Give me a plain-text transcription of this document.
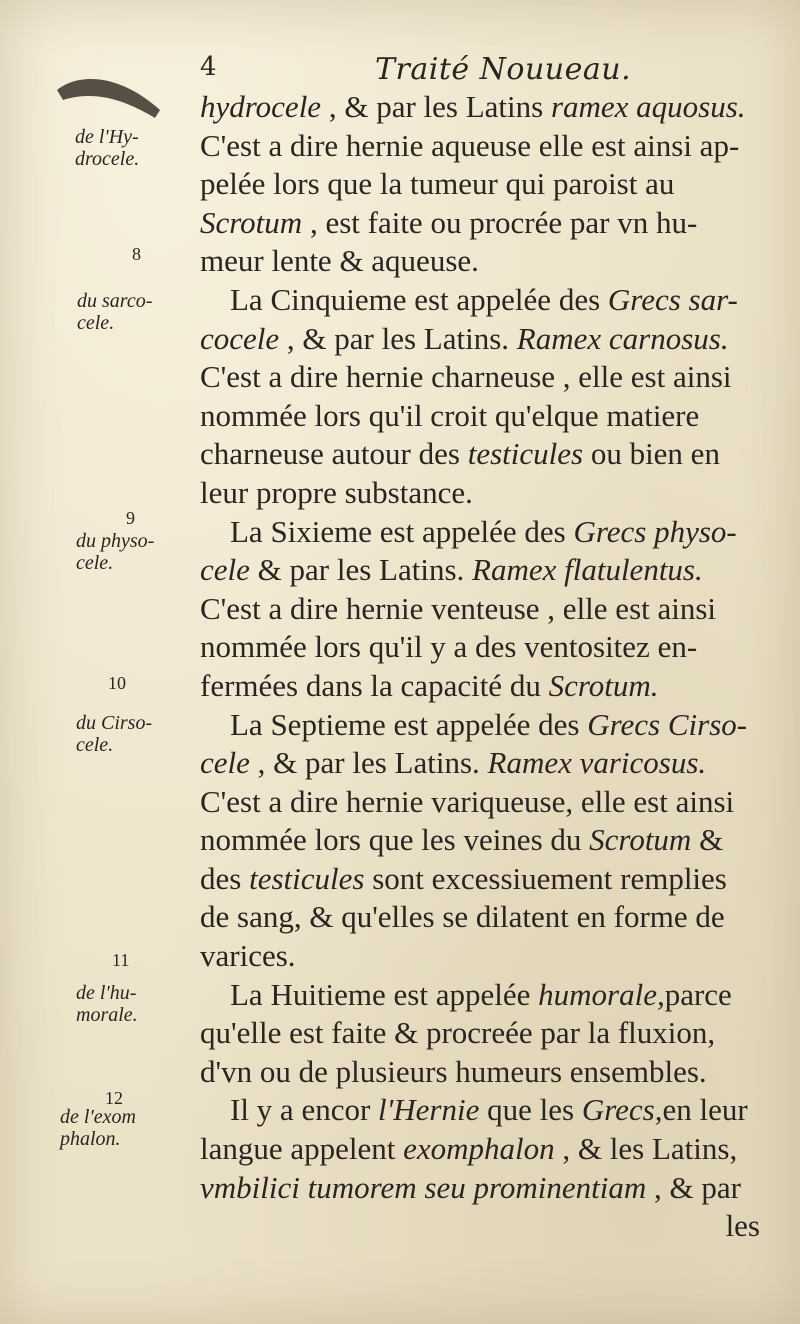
4	Traité Nouueau.
de l'Hy-
drocele.
8
du sarco-
cele.
9
du physo-
cele.
10
du Cirso-
cele.
11
de l'hu-
morale.
12
de l'exom
phalon.
hydrocele , & par les Latins ramex aquosus.
C'est a dire hernie aqueuse elle est ainsi ap-
pelée lors que la tumeur qui paroist au
Scrotum , est faite ou procrée par vn hu-
meur lente & aqueuse.
La Cinquieme est appelée des Grecs sar-
cocele , & par les Latins. Ramex carnosus.
C'est a dire hernie charneuse , elle est ainsi
nommée lors qu'il croit qu'elque matiere
charneuse autour des testicules ou bien en
leur propre substance.
La Sixieme est appelée des Grecs physo-
cele & par les Latins. Ramex flatulentus.
C'est a dire hernie venteuse , elle est ainsi
nommée lors qu'il y a des ventositez en-
fermées dans la capacité du Scrotum.
La Septieme est appelée des Grecs Cirso-
cele , & par les Latins. Ramex varicosus.
C'est a dire hernie variqueuse, elle est ainsi
nommée lors que les veines du Scrotum &
des testicules sont excessiuement remplies
de sang, & qu'elles se dilatent en forme de
varices.
La Huitieme est appelée humorale,parce
qu'elle est faite & procreée par la fluxion,
d'vn ou de plusieurs humeurs ensembles.
Il y a encor l'Hernie que les Grecs,en leur
langue appelent exomphalon , & les Latins,
vmbilici tumorem seu prominentiam , & par
les
